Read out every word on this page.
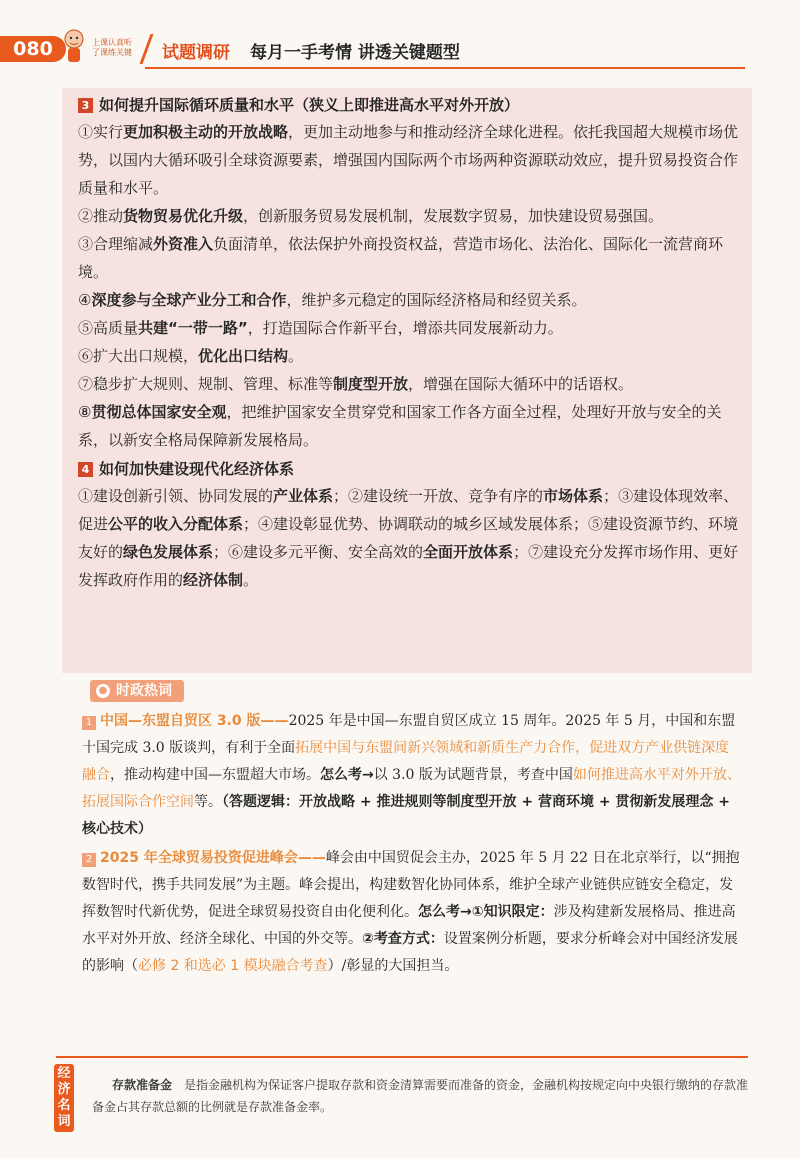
080	上课认真听
了课练关键 试题调研 每月一手考情 讲透关键题型
3 如何提升国际循环质量和水平（狭义上即推进高水平对外开放）

①实行更加积极主动的开放战略，更加主动地参与和推动经济全球化进程。依托我国超大规模市场优势，以国内大循环吸引全球资源要素，增强国内国际两个市场两种资源联动效应，提升贸易投资合作质量和水平。

②推动货物贸易优化升级，创新服务贸易发展机制，发展数字贸易，加快建设贸易强国。

③合理缩减外资准入负面清单，依法保护外商投资权益，营造市场化、法治化、国际化一流营商环境。

④深度参与全球产业分工和合作，维护多元稳定的国际经济格局和经贸关系。

⑤高质量共建“一带一路”，打造国际合作新平台，增添共同发展新动力。

⑥扩大出口规模，优化出口结构。

⑦稳步扩大规则、规制、管理、标准等制度型开放，增强在国际大循环中的话语权。

⑧贯彻总体国家安全观，把维护国家安全贯穿党和国家工作各方面全过程，处理好开放与安全的关系，以新安全格局保障新发展格局。

4 如何加快建设现代化经济体系

①建设创新引领、协同发展的产业体系；②建设统一开放、竞争有序的市场体系；③建设体现效率、促进公平的收入分配体系；④建设彰显优势、协调联动的城乡区域发展体系；⑤建设资源节约、环境友好的绿色发展体系；⑥建设多元平衡、安全高效的全面开放体系；⑦建设充分发挥市场作用、更好发挥政府作用的经济体制。

● 时政热词

1 中国—东盟自贸区 3.0 版——2025 年是中国—东盟自贸区成立 15 周年。2025 年 5 月，中国和东盟十国完成 3.0 版谈判，有利于全面拓展中国与东盟间新兴领域和新质生产力合作，促进双方产业供链深度融合，推动构建中国—东盟超大市场。怎么考→以 3.0 版为试题背景，考查中国如何推进高水平对外开放、拓展国际合作空间等。（答题逻辑：开放战略 + 推进规则等制度型开放 + 营商环境 + 贯彻新发展理念 + 核心技术）

2 2025 年全球贸易投资促进峰会——峰会由中国贸促会主办，2025 年 5 月 22 日在北京举行，以“拥抱数智时代，携手共同发展”为主题。峰会提出，构建数智化协同体系，维护全球产业链供应链安全稳定，发挥数智时代新优势，促进全球贸易投资自由化便利化。怎么考→①知识限定：涉及构建新发展格局、推进高水平对外开放、经济全球化、中国的外交等。②考查方式：设置案例分析题，要求分析峰会对中国经济发展的影响（必修 2 和选必 1 模块融合考查）/彰显的大国担当。

经济名词
存款准备金 是指金融机构为保证客户提取存款和资金清算需要而准备的资金，金融机构按规定向中央银行缴纳的存款准备金占其存款总额的比例就是存款准备金率。
